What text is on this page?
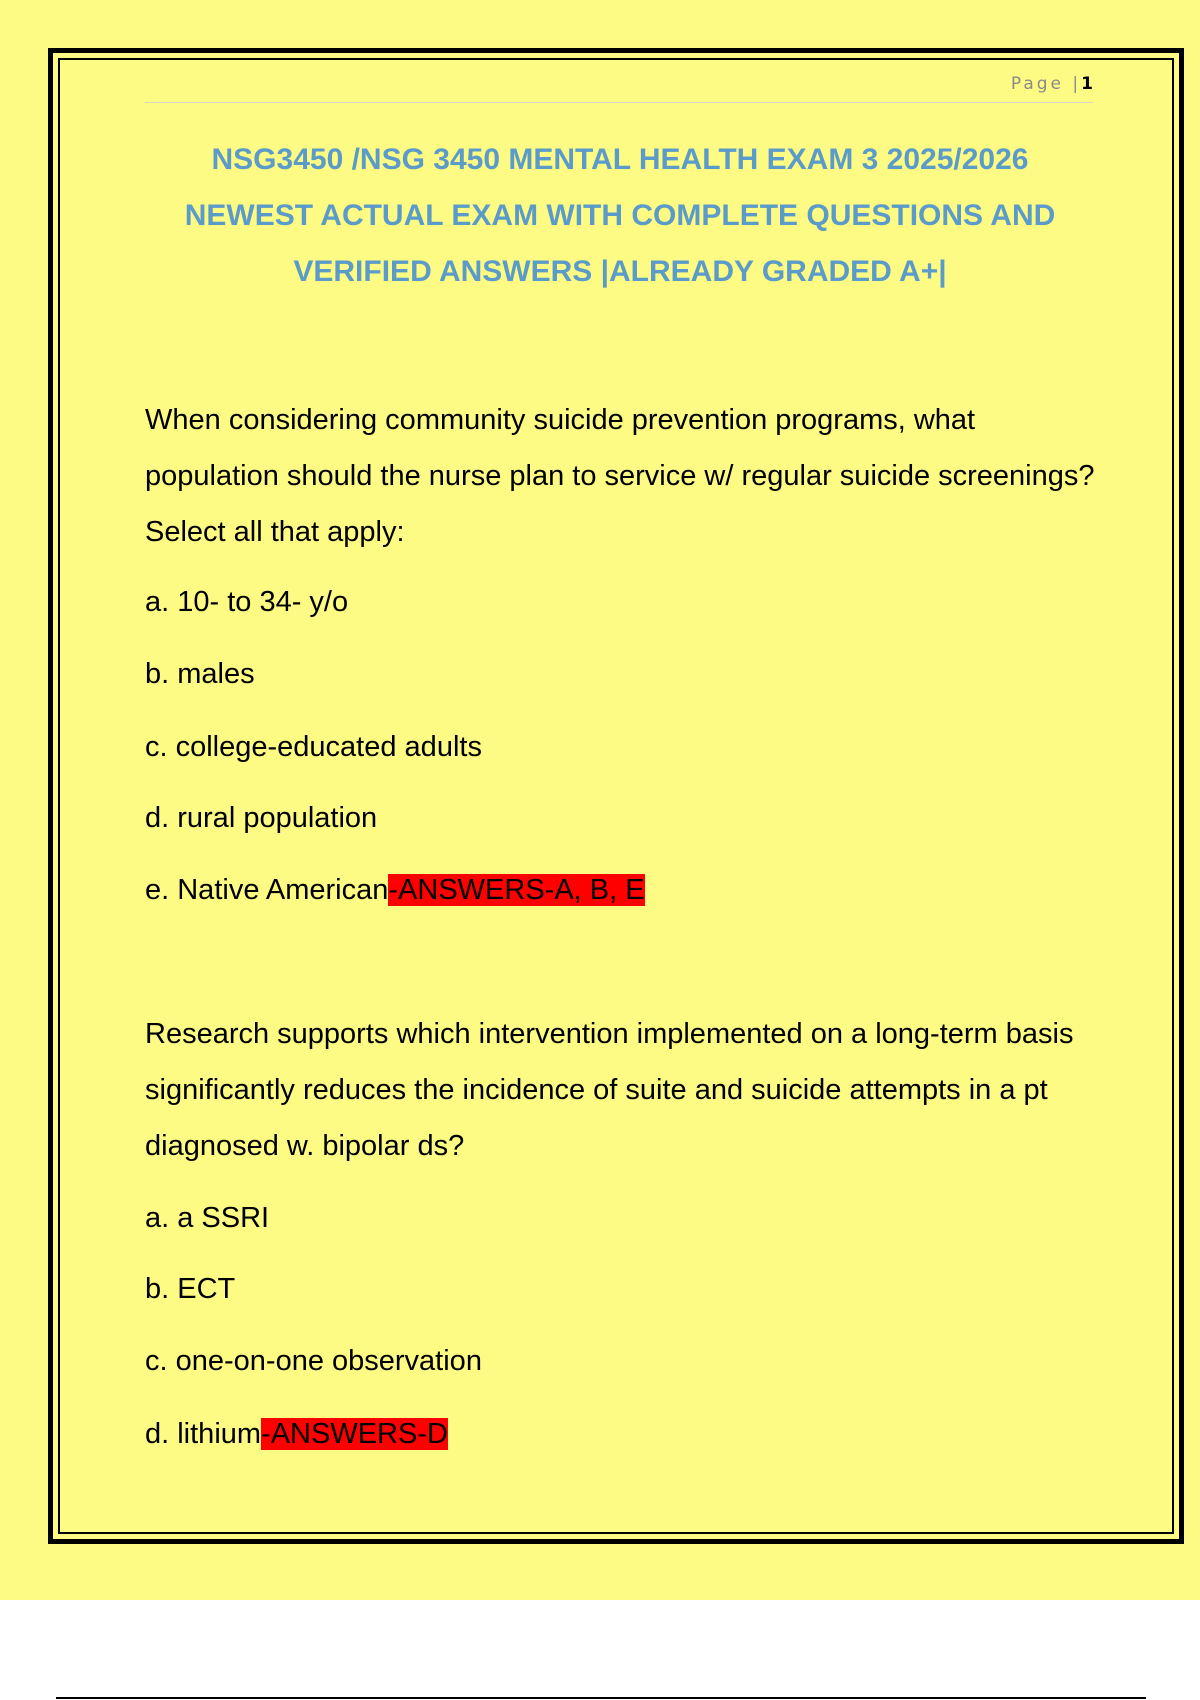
Page |1
NSG3450 /NSG 3450 MENTAL HEALTH EXAM 3 2025/2026
NEWEST ACTUAL EXAM WITH COMPLETE QUESTIONS AND
VERIFIED ANSWERS |ALREADY GRADED A+|

When considering community suicide prevention programs, what population should the nurse plan to service w/ regular suicide screenings? Select all that apply:

a. 10- to 34- y/o
b. males
c. college-educated adults
d. rural population
e. Native American-ANSWERS-A, B, E

Research supports which intervention implemented on a long-term basis significantly reduces the incidence of suite and suicide attempts in a pt diagnosed w. bipolar ds?

a. a SSRI
b. ECT
c. one-on-one observation
d. lithium-ANSWERS-D
